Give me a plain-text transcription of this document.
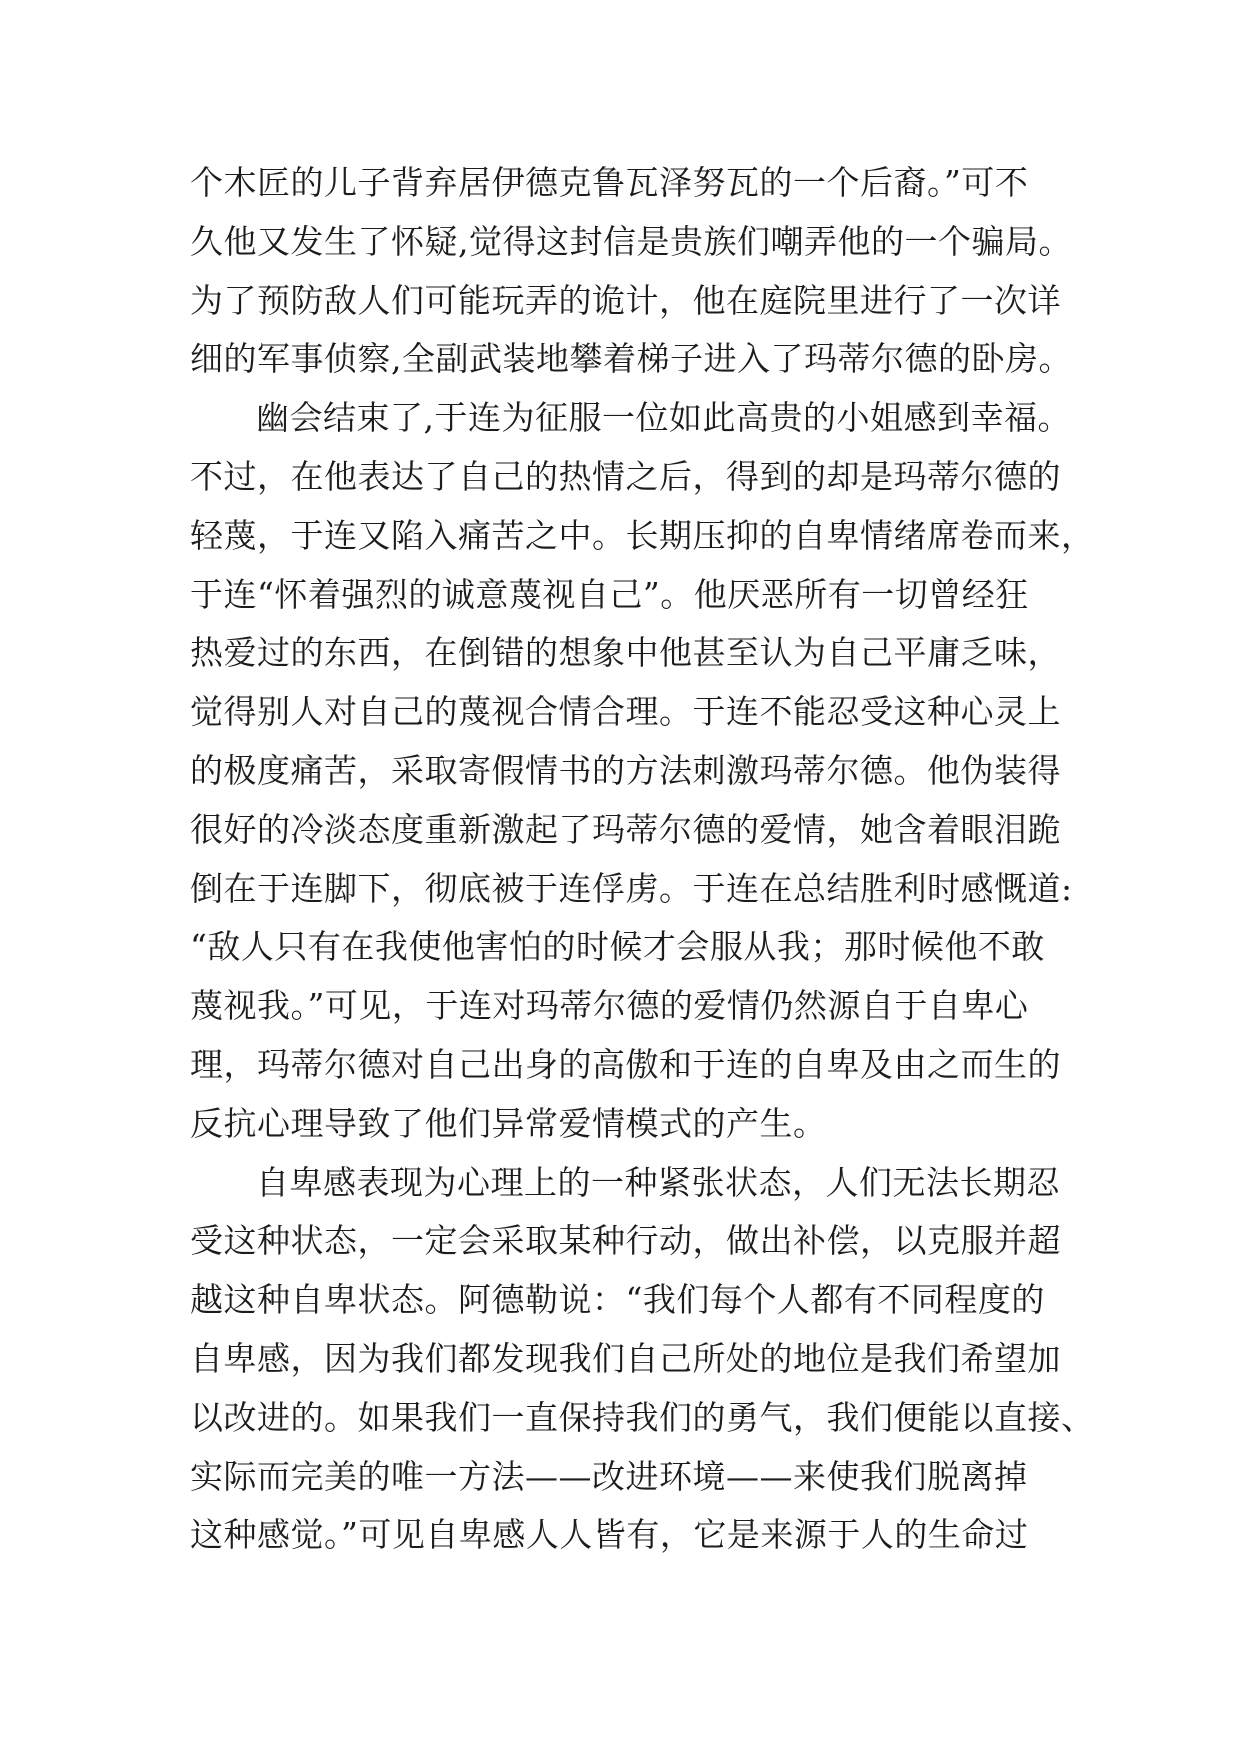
个木匠的儿子背弃居伊德克鲁瓦泽努瓦的一个后裔。”可不
久他又发生了怀疑,觉得这封信是贵族们嘲弄他的一个骗局。
为了预防敌人们可能玩弄的诡计，他在庭院里进行了一次详
细的军事侦察,全副武装地攀着梯子进入了玛蒂尔德的卧房。
幽会结束了,于连为征服一位如此高贵的小姐感到幸福。
不过，在他表达了自己的热情之后，得到的却是玛蒂尔德的
轻蔑，于连又陷入痛苦之中。长期压抑的自卑情绪席卷而来，
于连“怀着强烈的诚意蔑视自己”。他厌恶所有一切曾经狂
热爱过的东西，在倒错的想象中他甚至认为自己平庸乏味，
觉得别人对自己的蔑视合情合理。于连不能忍受这种心灵上
的极度痛苦，采取寄假情书的方法刺激玛蒂尔德。他伪装得
很好的冷淡态度重新激起了玛蒂尔德的爱情，她含着眼泪跪
倒在于连脚下，彻底被于连俘虏。于连在总结胜利时感慨道:
“敌人只有在我使他害怕的时候才会服从我；那时候他不敢
蔑视我。”可见，于连对玛蒂尔德的爱情仍然源自于自卑心
理，玛蒂尔德对自己出身的高傲和于连的自卑及由之而生的
反抗心理导致了他们异常爱情模式的产生。
自卑感表现为心理上的一种紧张状态，人们无法长期忍
受这种状态，一定会采取某种行动，做出补偿，以克服并超
越这种自卑状态。阿德勒说：“我们每个人都有不同程度的
自卑感，因为我们都发现我们自己所处的地位是我们希望加
以改进的。如果我们一直保持我们的勇气，我们便能以直接、
实际而完美的唯一方法——改进环境——来使我们脱离掉
这种感觉。”可见自卑感人人皆有，它是来源于人的生命过
